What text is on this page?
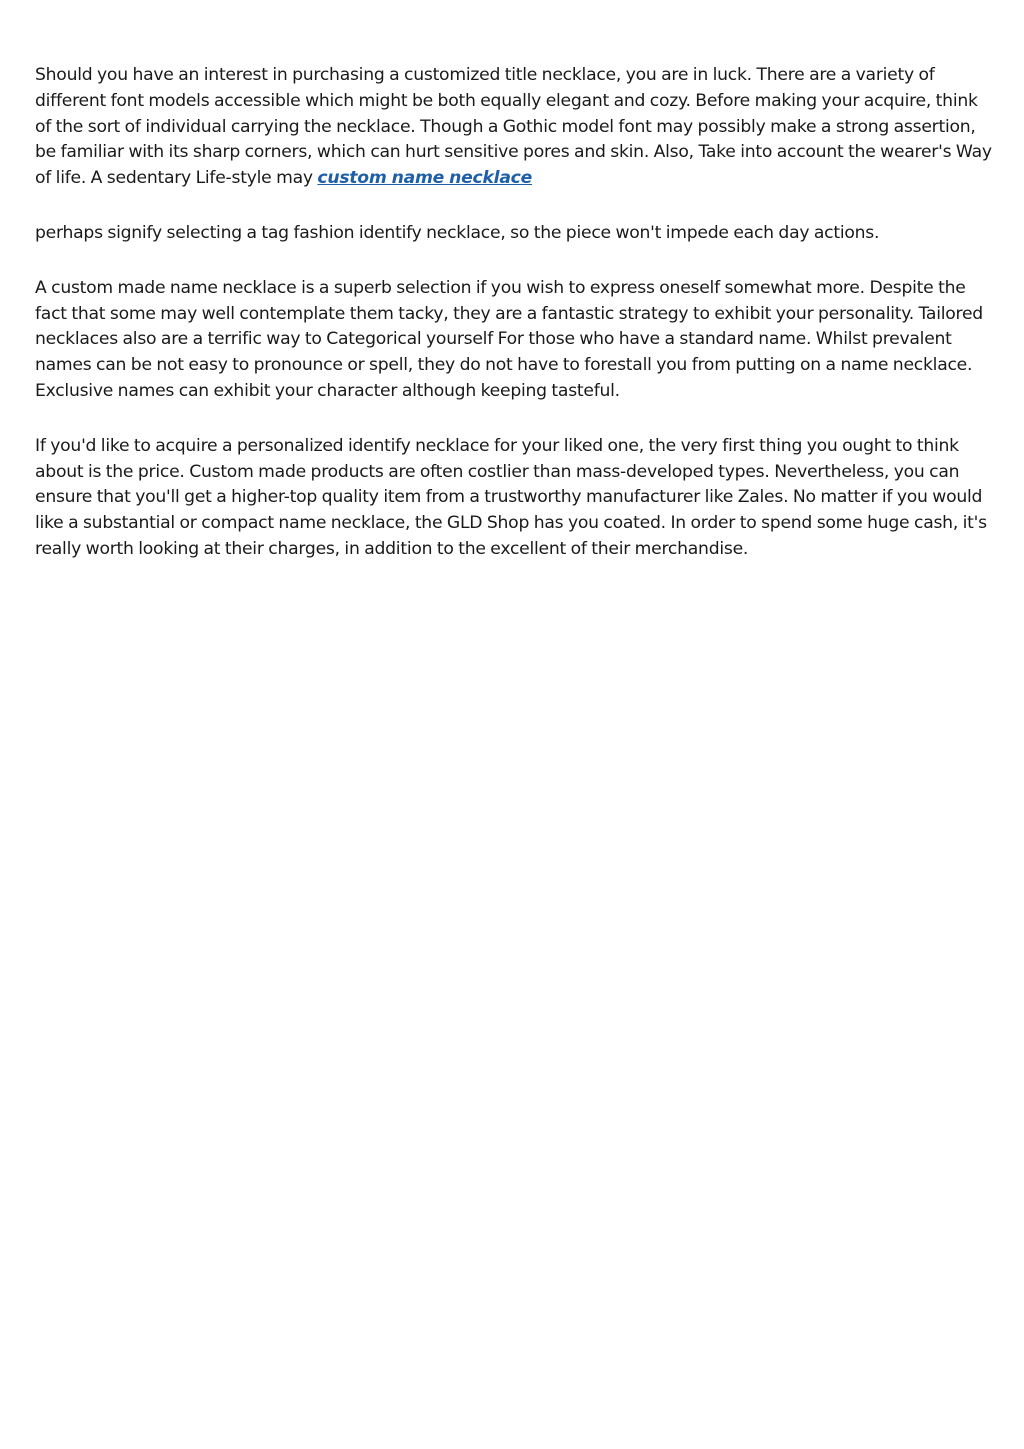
Should you have an interest in purchasing a customized title necklace, you are in luck. There are a variety of different font models accessible which might be both equally elegant and cozy. Before making your acquire, think of the sort of individual carrying the necklace. Though a Gothic model font may possibly make a strong assertion, be familiar with its sharp corners, which can hurt sensitive pores and skin. Also, Take into account the wearer's Way of life. A sedentary Life-style may custom name necklace

perhaps signify selecting a tag fashion identify necklace, so the piece won't impede each day actions.

A custom made name necklace is a superb selection if you wish to express oneself somewhat more. Despite the fact that some may well contemplate them tacky, they are a fantastic strategy to exhibit your personality. Tailored necklaces also are a terrific way to Categorical yourself For those who have a standard name. Whilst prevalent names can be not easy to pronounce or spell, they do not have to forestall you from putting on a name necklace. Exclusive names can exhibit your character although keeping tasteful.

If you'd like to acquire a personalized identify necklace for your liked one, the very first thing you ought to think about is the price. Custom made products are often costlier than mass-developed types. Nevertheless, you can ensure that you'll get a higher-top quality item from a trustworthy manufacturer like Zales. No matter if you would like a substantial or compact name necklace, the GLD Shop has you coated. In order to spend some huge cash, it's really worth looking at their charges, in addition to the excellent of their merchandise.
